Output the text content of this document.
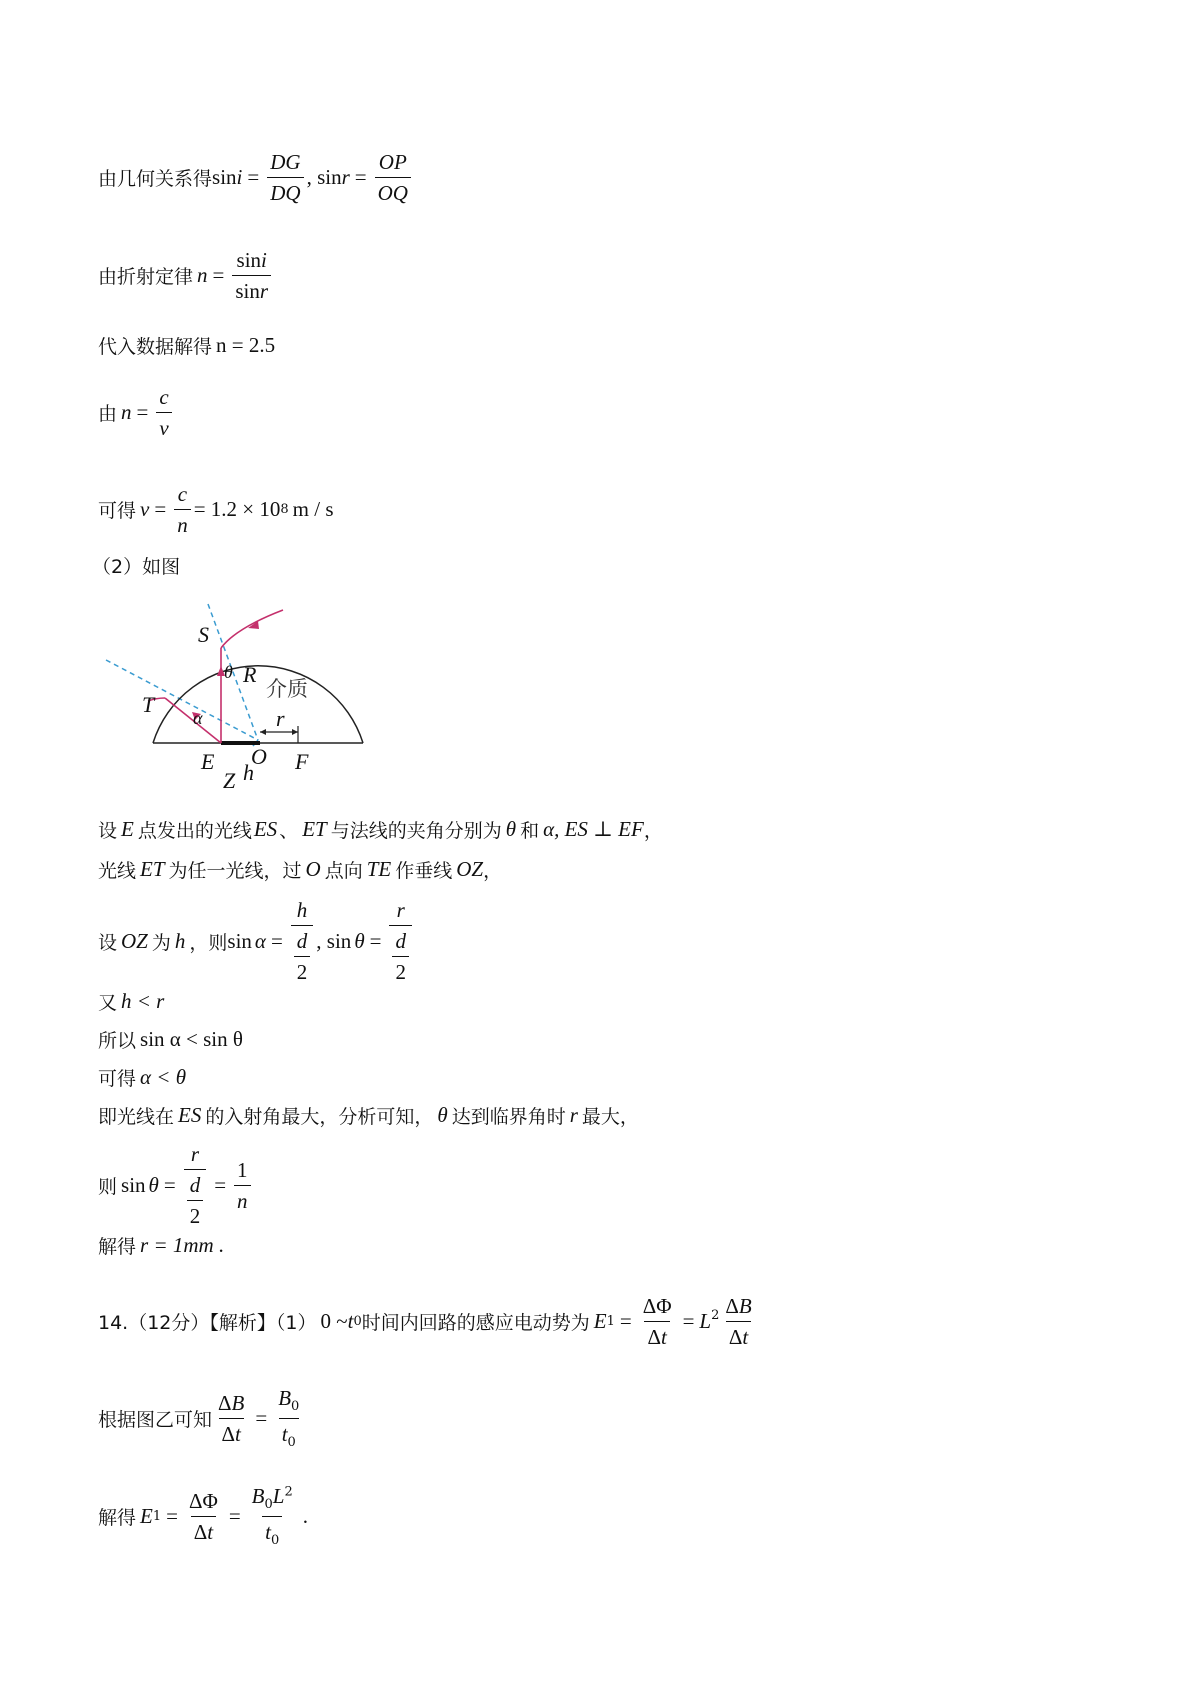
由几何关系得 $\sin i = \frac{DG}{DQ}$ , $\sin r = \frac{OP}{OQ}$
由折射定律 $n = \frac{\sin i}{\sin r}$
代入数据解得 n = 2.5
由 $n = \frac{c}{v}$
可得 $v = \frac{c}{n} = 1.2 \times 10$ 8 m / s
（2）如图
S
θ R
介质
T
α	r
E O F
Z h
设 E 点发出的光线 ES 、 ET 与法线的夹角分别为 θ 和 α, ES ⊥ EF ，
光线 ET 为任一光线，过 O 点向 TE 作垂线 OZ ，
设 OZ 为 h ，则 $\sin \alpha = \frac{h}{\frac{d}{2}}$ , $\sin \theta = \frac{r}{\frac{d}{2}}$
又 h < r
所以 sin α < sin θ
可得 α < θ
即光线在 ES 的入射角最大，分析可知， θ 达到临界角时 r 最大，
则 $\sin \theta = \frac{r}{\frac{d}{2}} = \frac{1}{n}$
解得 r = 1mm .
14.（12分）【解析】（1） 0 ~ t 0 时间内回路的感应电动势为 E $1 = \frac{\Delta\Phi}{\Delta t} = L^2 \frac{\Delta B}{\Delta t}$
根据图乙可知 $\frac{\Delta B}{\Delta t} = \frac{B_0}{t_0}$
解得 E $1 = \frac{\Delta\Phi}{\Delta t} = \frac{B_0L^2}{t_0}$ .
